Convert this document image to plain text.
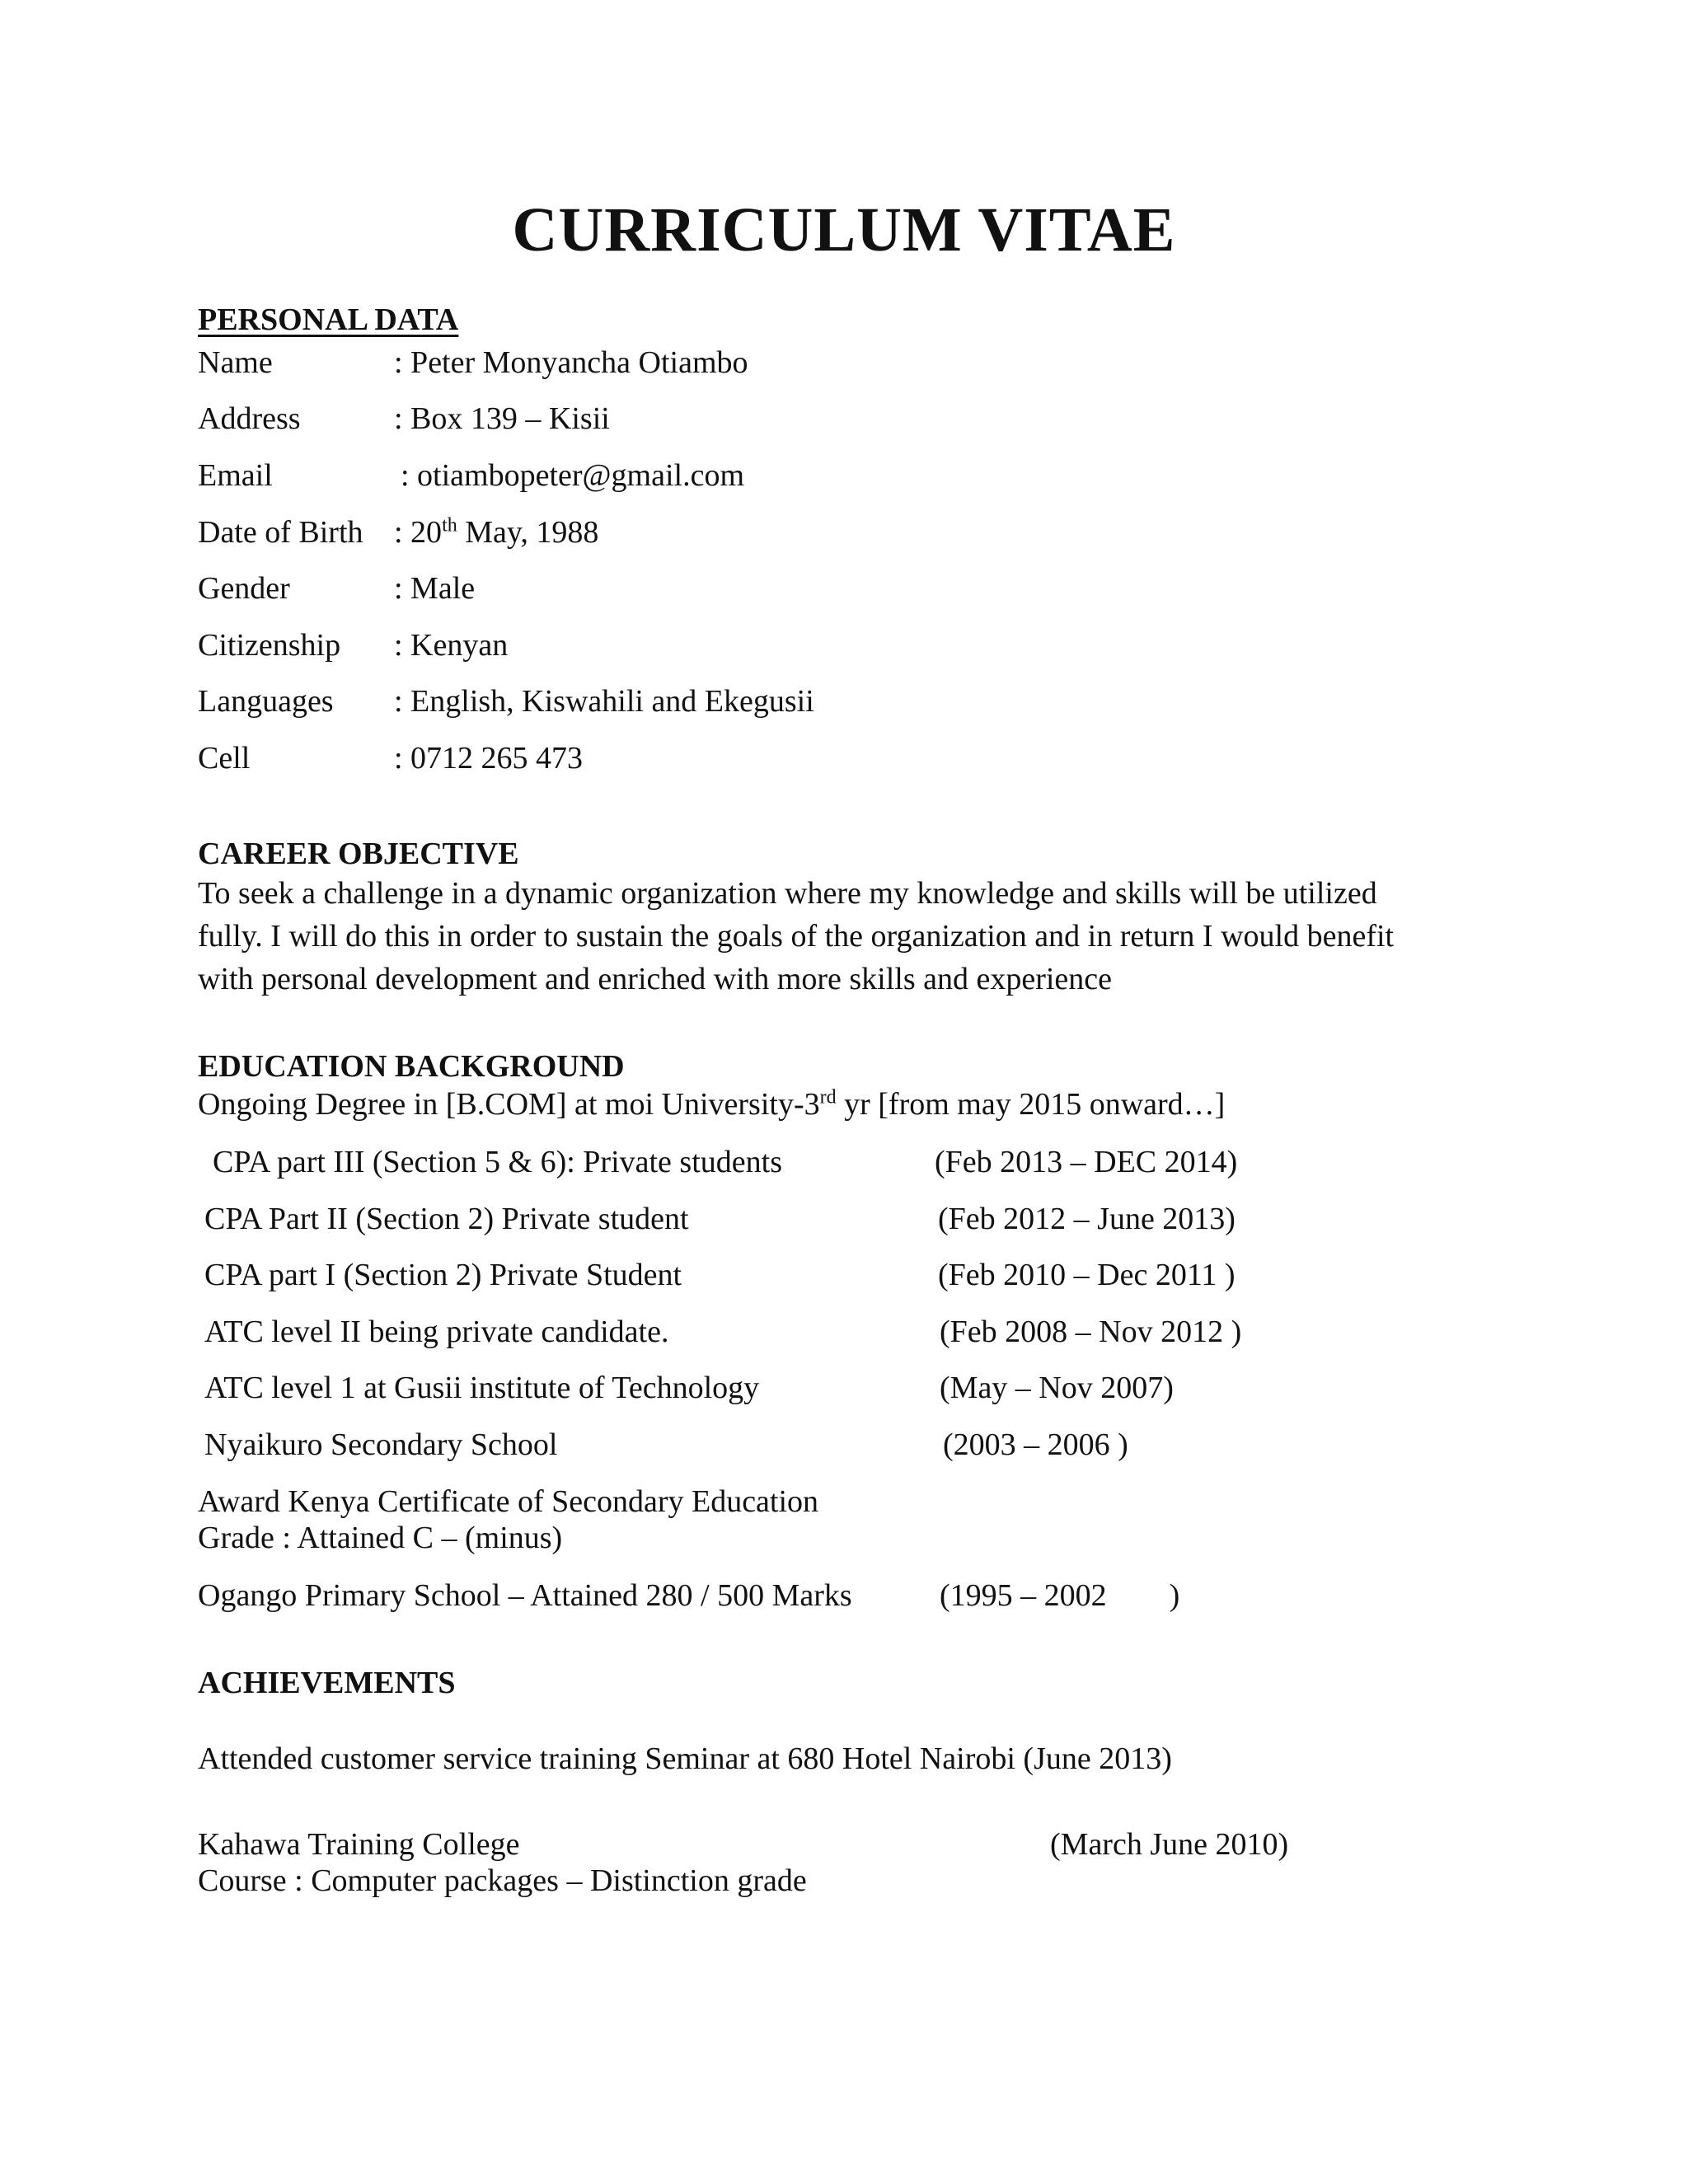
CURRICULUM VITAE
PERSONAL DATA
Name	: Peter Monyancha Otiambo
Address	: Box 139 – Kisii
Email	: otiambopeter@gmail.com
Date of Birth : 20th May, 1988
Gender	: Male
Citizenship : Kenyan
Languages : English, Kiswahili and Ekegusii
Cell	: 0712 265 473
CAREER OBJECTIVE
To seek a challenge in a dynamic organization where my knowledge and skills will be utilized
fully. I will do this in order to sustain the goals of the organization and in return I would benefit
with personal development and enriched with more skills and experience
EDUCATION BACKGROUND
Ongoing Degree in [B.COM] at moi University-3rd yr [from may 2015 onward…]
CPA part III (Section 5 & 6): Private students	(Feb 2013 – DEC 2014)
CPA Part II (Section 2) Private student	(Feb 2012 – June 2013)
CPA part I (Section 2) Private Student	(Feb 2010 – Dec 2011 )
ATC level II being private candidate.	(Feb 2008 – Nov 2012 )
ATC level 1 at Gusii institute of Technology	(May – Nov 2007)
Nyaikuro Secondary School	(2003 – 2006 )
Award Kenya Certificate of Secondary Education
Grade : Attained C – (minus)
Ogango Primary School – Attained 280 / 500 Marks	(1995 – 2002        )
ACHIEVEMENTS
Attended customer service training Seminar at 680 Hotel Nairobi (June 2013)
Kahawa Training College	(March June 2010)
Course : Computer packages – Distinction grade
